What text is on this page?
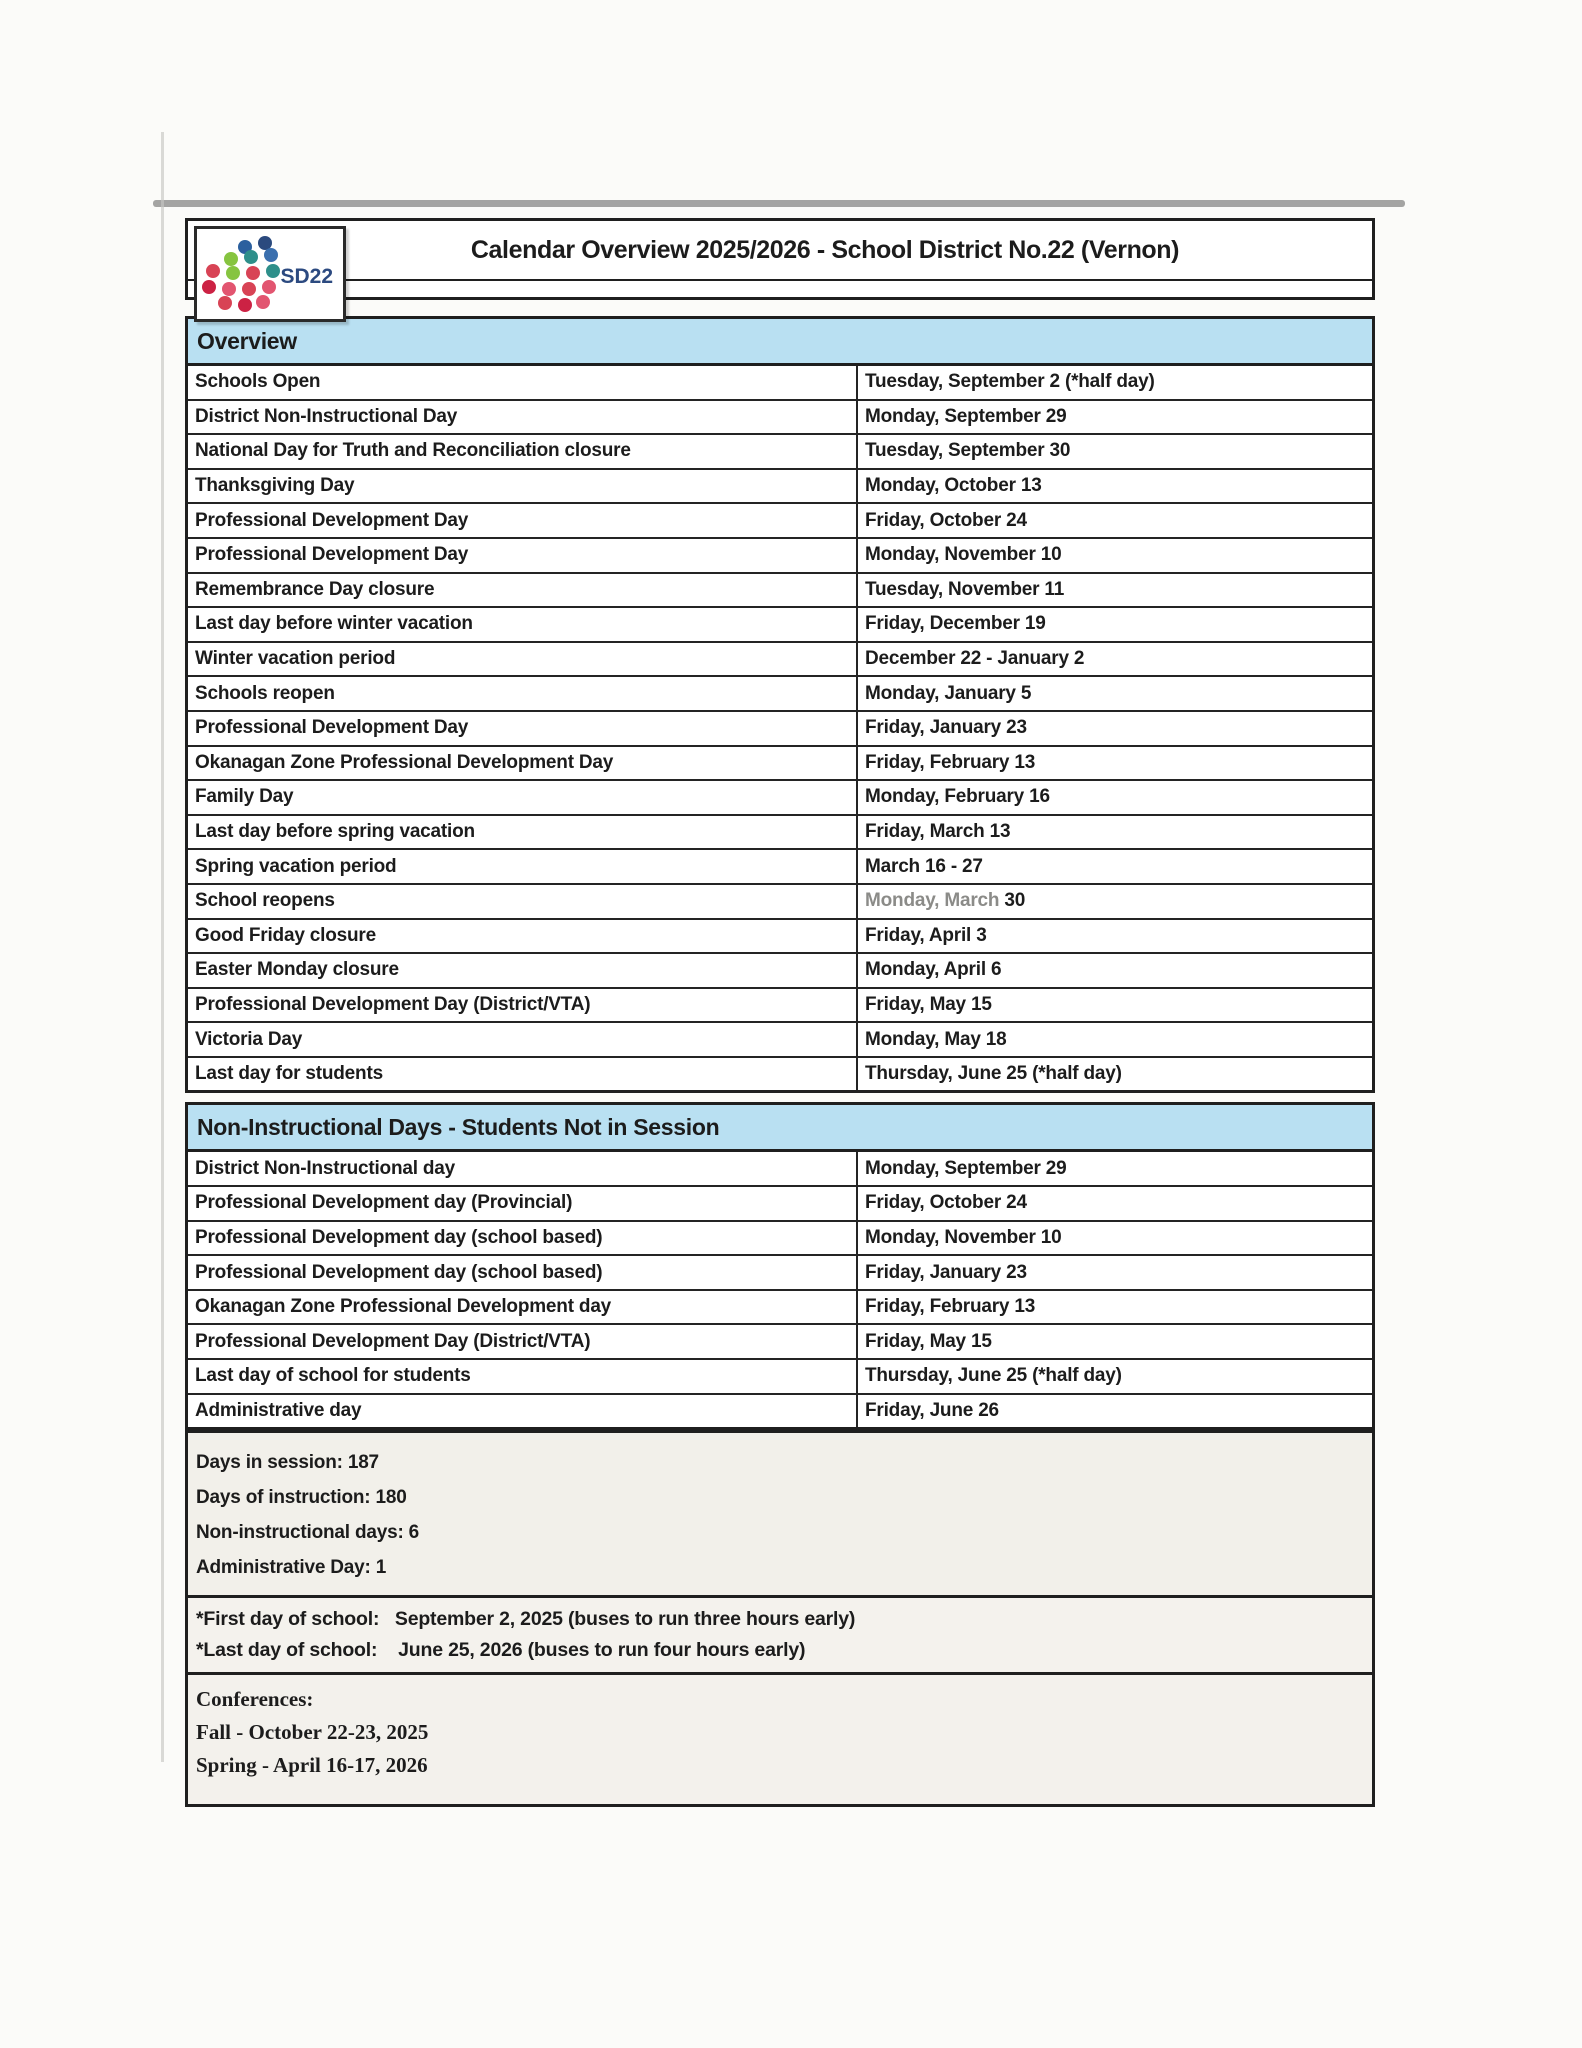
Calendar Overview 2025/2026 - School District No.22 (Vernon)
SD22
Overview
Schools Open	Tuesday, September 2 (*half day)
District Non-Instructional Day	Monday, September 29
National Day for Truth and Reconciliation closure	Tuesday, September 30
Thanksgiving Day	Monday, October 13
Professional Development Day	Friday, October 24
Professional Development Day	Monday, November 10
Remembrance Day closure	Tuesday, November 11
Last day before winter vacation	Friday, December 19
Winter vacation period	December 22 - January 2
Schools reopen	Monday, January 5
Professional Development Day	Friday, January 23
Okanagan Zone Professional Development Day	Friday, February 13
Family Day	Monday, February 16
Last day before spring vacation	Friday, March 13
Spring vacation period	March 16 - 27
School reopens	Monday, March 30
Good Friday closure	Friday, April 3
Easter Monday closure	Monday, April 6
Professional Development Day (District/VTA)	Friday, May 15
Victoria Day	Monday, May 18
Last day for students	Thursday, June 25 (*half day)
Non-Instructional Days - Students Not in Session
District Non-Instructional day	Monday, September 29
Professional Development day (Provincial)	Friday, October 24
Professional Development day (school based)	Monday, November 10
Professional Development day (school based)	Friday, January 23
Okanagan Zone Professional Development day	Friday, February 13
Professional Development Day (District/VTA)	Friday, May 15
Last day of school for students	Thursday, June 25 (*half day)
Administrative day	Friday, June 26
Days in session: 187
Days of instruction: 180
Non-instructional days: 6
Administrative Day: 1
*First day of school:   September 2, 2025 (buses to run three hours early)
*Last day of school:    June 25, 2026 (buses to run four hours early)
Conferences:
Fall - October 22-23, 2025
Spring - April 16-17, 2026
